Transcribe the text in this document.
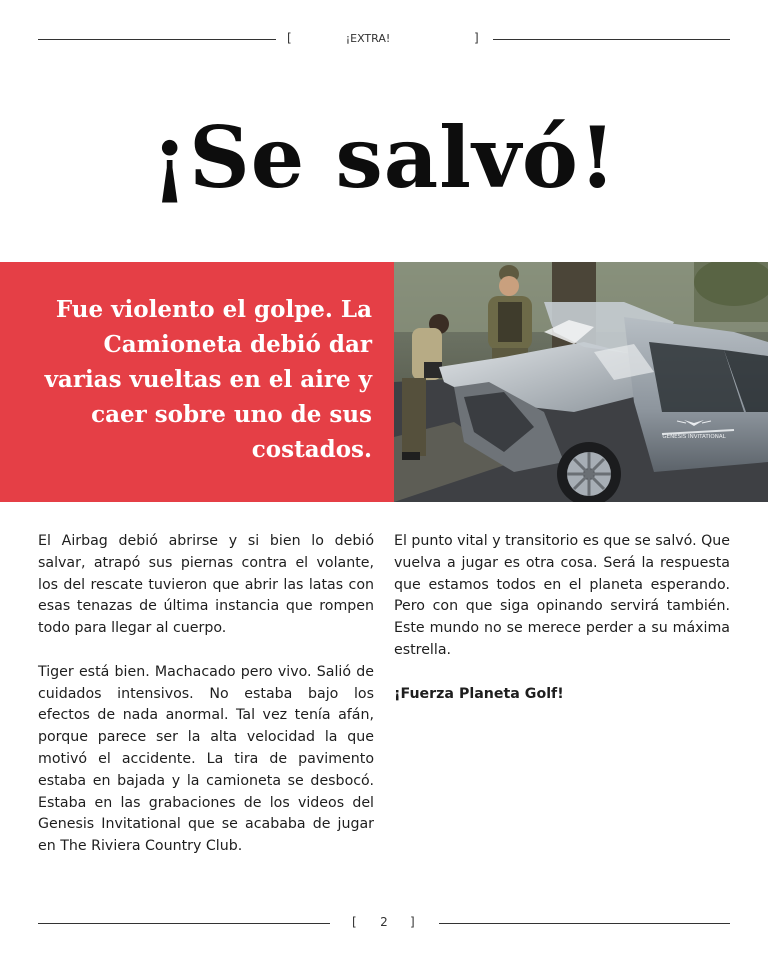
[	¡EXTRA!	]
¡Se salvó!

Fue violento el golpe. La Camioneta debió dar varias vueltas en el aire y caer sobre uno de sus costados.	GENESIS INVITATIONAL

El Airbag debió abrirse y si bien lo debió salvar, atrapó sus piernas contra el volante, los del rescate tuvieron que abrir las latas con esas tenazas de última instancia que rompen todo para llegar al cuerpo.

Tiger está bien. Machacado pero vivo. Salió de cuidados intensivos. No estaba bajo los efectos de nada anormal. Tal vez tenía afán, porque parece ser la alta velocidad la que motivó el accidente. La tira de pavimento estaba en bajada y la camioneta se desbocó. Estaba en las grabaciones de los videos del Genesis Invitational que se acababa de jugar en The Riviera Country Club.

El punto vital y transitorio es que se salvó. Que vuelva a jugar es otra cosa. Será la respuesta que estamos todos en el planeta esperando. Pero con que siga opinando servirá también. Este mundo no se merece perder a su máxima estrella.

¡Fuerza Planeta Golf!

[	2	]
